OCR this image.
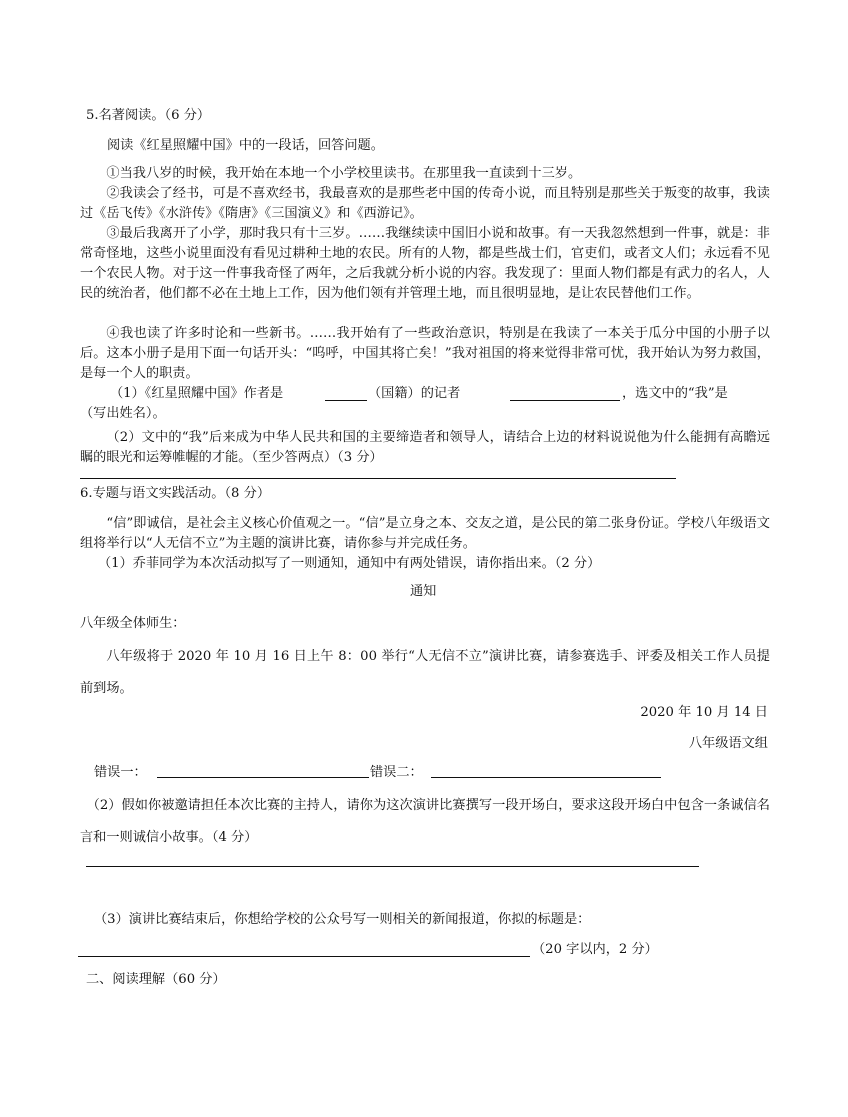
5.名著阅读。（6 分）
阅读《红星照耀中国》中的一段话，回答问题。
①当我八岁的时候，我开始在本地一个小学校里读书。在那里我一直读到十三岁。
②我读会了经书，可是不喜欢经书，我最喜欢的是那些老中国的传奇小说，而且特别是那些关于叛变的故事，我读过《岳飞传》《水浒传》《隋唐》《三国演义》和《西游记》。
③最后我离开了小学，那时我只有十三岁。……我继续读中国旧小说和故事。有一天我忽然想到一件事，就是：非常奇怪地，这些小说里面没有看见过耕种土地的农民。所有的人物，都是些战士们，官吏们，或者文人们；永远看不见一个农民人物。对于这一件事我奇怪了两年，之后我就分析小说的内容。我发现了：里面人物们都是有武力的名人，人民的统治者，他们都不必在土地上工作，因为他们领有并管理土地，而且很明显地，是让农民替他们工作。
④我也读了许多时论和一些新书。……我开始有了一些政治意识，特别是在我读了一本关于瓜分中国的小册子以后。这本小册子是用下面一句话开头：“呜呼，中国其将亡矣！”我对祖国的将来觉得非常可忧，我开始认为努力救国，是每一个人的职责。
（1）《红星照耀中国》作者是	（国籍）的记者	，选文中的“我”是
（写出姓名）。
（2）文中的“我”后来成为中华人民共和国的主要缔造者和领导人，请结合上边的材料说说他为什么能拥有高瞻远瞩的眼光和运筹帷幄的才能。（至少答两点）（3 分）
6.专题与语文实践活动。（8 分）
“信”即诚信，是社会主义核心价值观之一。“信”是立身之本、交友之道，是公民的第二张身份证。学校八年级语文组将举行以“人无信不立”为主题的演讲比赛，请你参与并完成任务。
（1）乔菲同学为本次活动拟写了一则通知，通知中有两处错误，请你指出来。（2 分）
通知
八年级全体师生：
八年级将于 2020 年 10 月 16 日上午 8：00 举行“人无信不立”演讲比赛，请参赛选手、评委及相关工作人员提前到场。
2020 年 10 月 14 日
八年级语文组
错误一：	错误二：
（2）假如你被邀请担任本次比赛的主持人，请你为这次演讲比赛撰写一段开场白，要求这段开场白中包含一条诚信名言和一则诚信小故事。（4 分）
（3）演讲比赛结束后，你想给学校的公众号写一则相关的新闻报道，你拟的标题是：
（20 字以内，2 分）
二、阅读理解（60 分）
